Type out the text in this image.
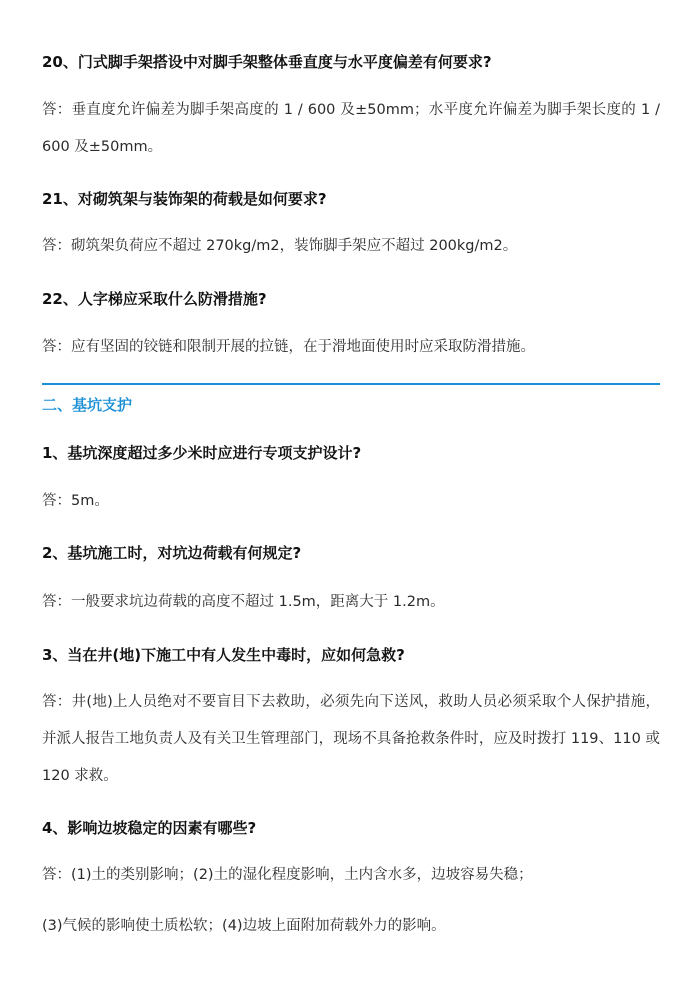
20、门式脚手架搭设中对脚手架整体垂直度与水平度偏差有何要求?

答：垂直度允许偏差为脚手架高度的 1 / 600 及±50mm；水平度允许偏差为脚手架长度的 1 / 600 及±50mm。

21、对砌筑架与装饰架的荷载是如何要求?

答：砌筑架负荷应不超过 270kg/m2，装饰脚手架应不超过 200kg/m2。

22、人字梯应采取什么防滑措施?

答：应有坚固的铰链和限制开展的拉链，在于滑地面使用时应采取防滑措施。

二、基坑支护

1、基坑深度超过多少米时应进行专项支护设计?

答：5m。

2、基坑施工时，对坑边荷载有何规定?

答：一般要求坑边荷载的高度不超过 1.5m，距离大于 1.2m。

3、当在井(地)下施工中有人发生中毒时，应如何急救?

答：井(地)上人员绝对不要盲目下去救助，必须先向下送风，救助人员必须采取个人保护措施，并派人报告工地负责人及有关卫生管理部门，现场不具备抢救条件时，应及时拨打 119、110 或 120 求救。

4、影响边坡稳定的因素有哪些?

答：(1)土的类别影响；(2)土的湿化程度影响，土内含水多，边坡容易失稳；

(3)气候的影响使土质松软；(4)边坡上面附加荷载外力的影响。
